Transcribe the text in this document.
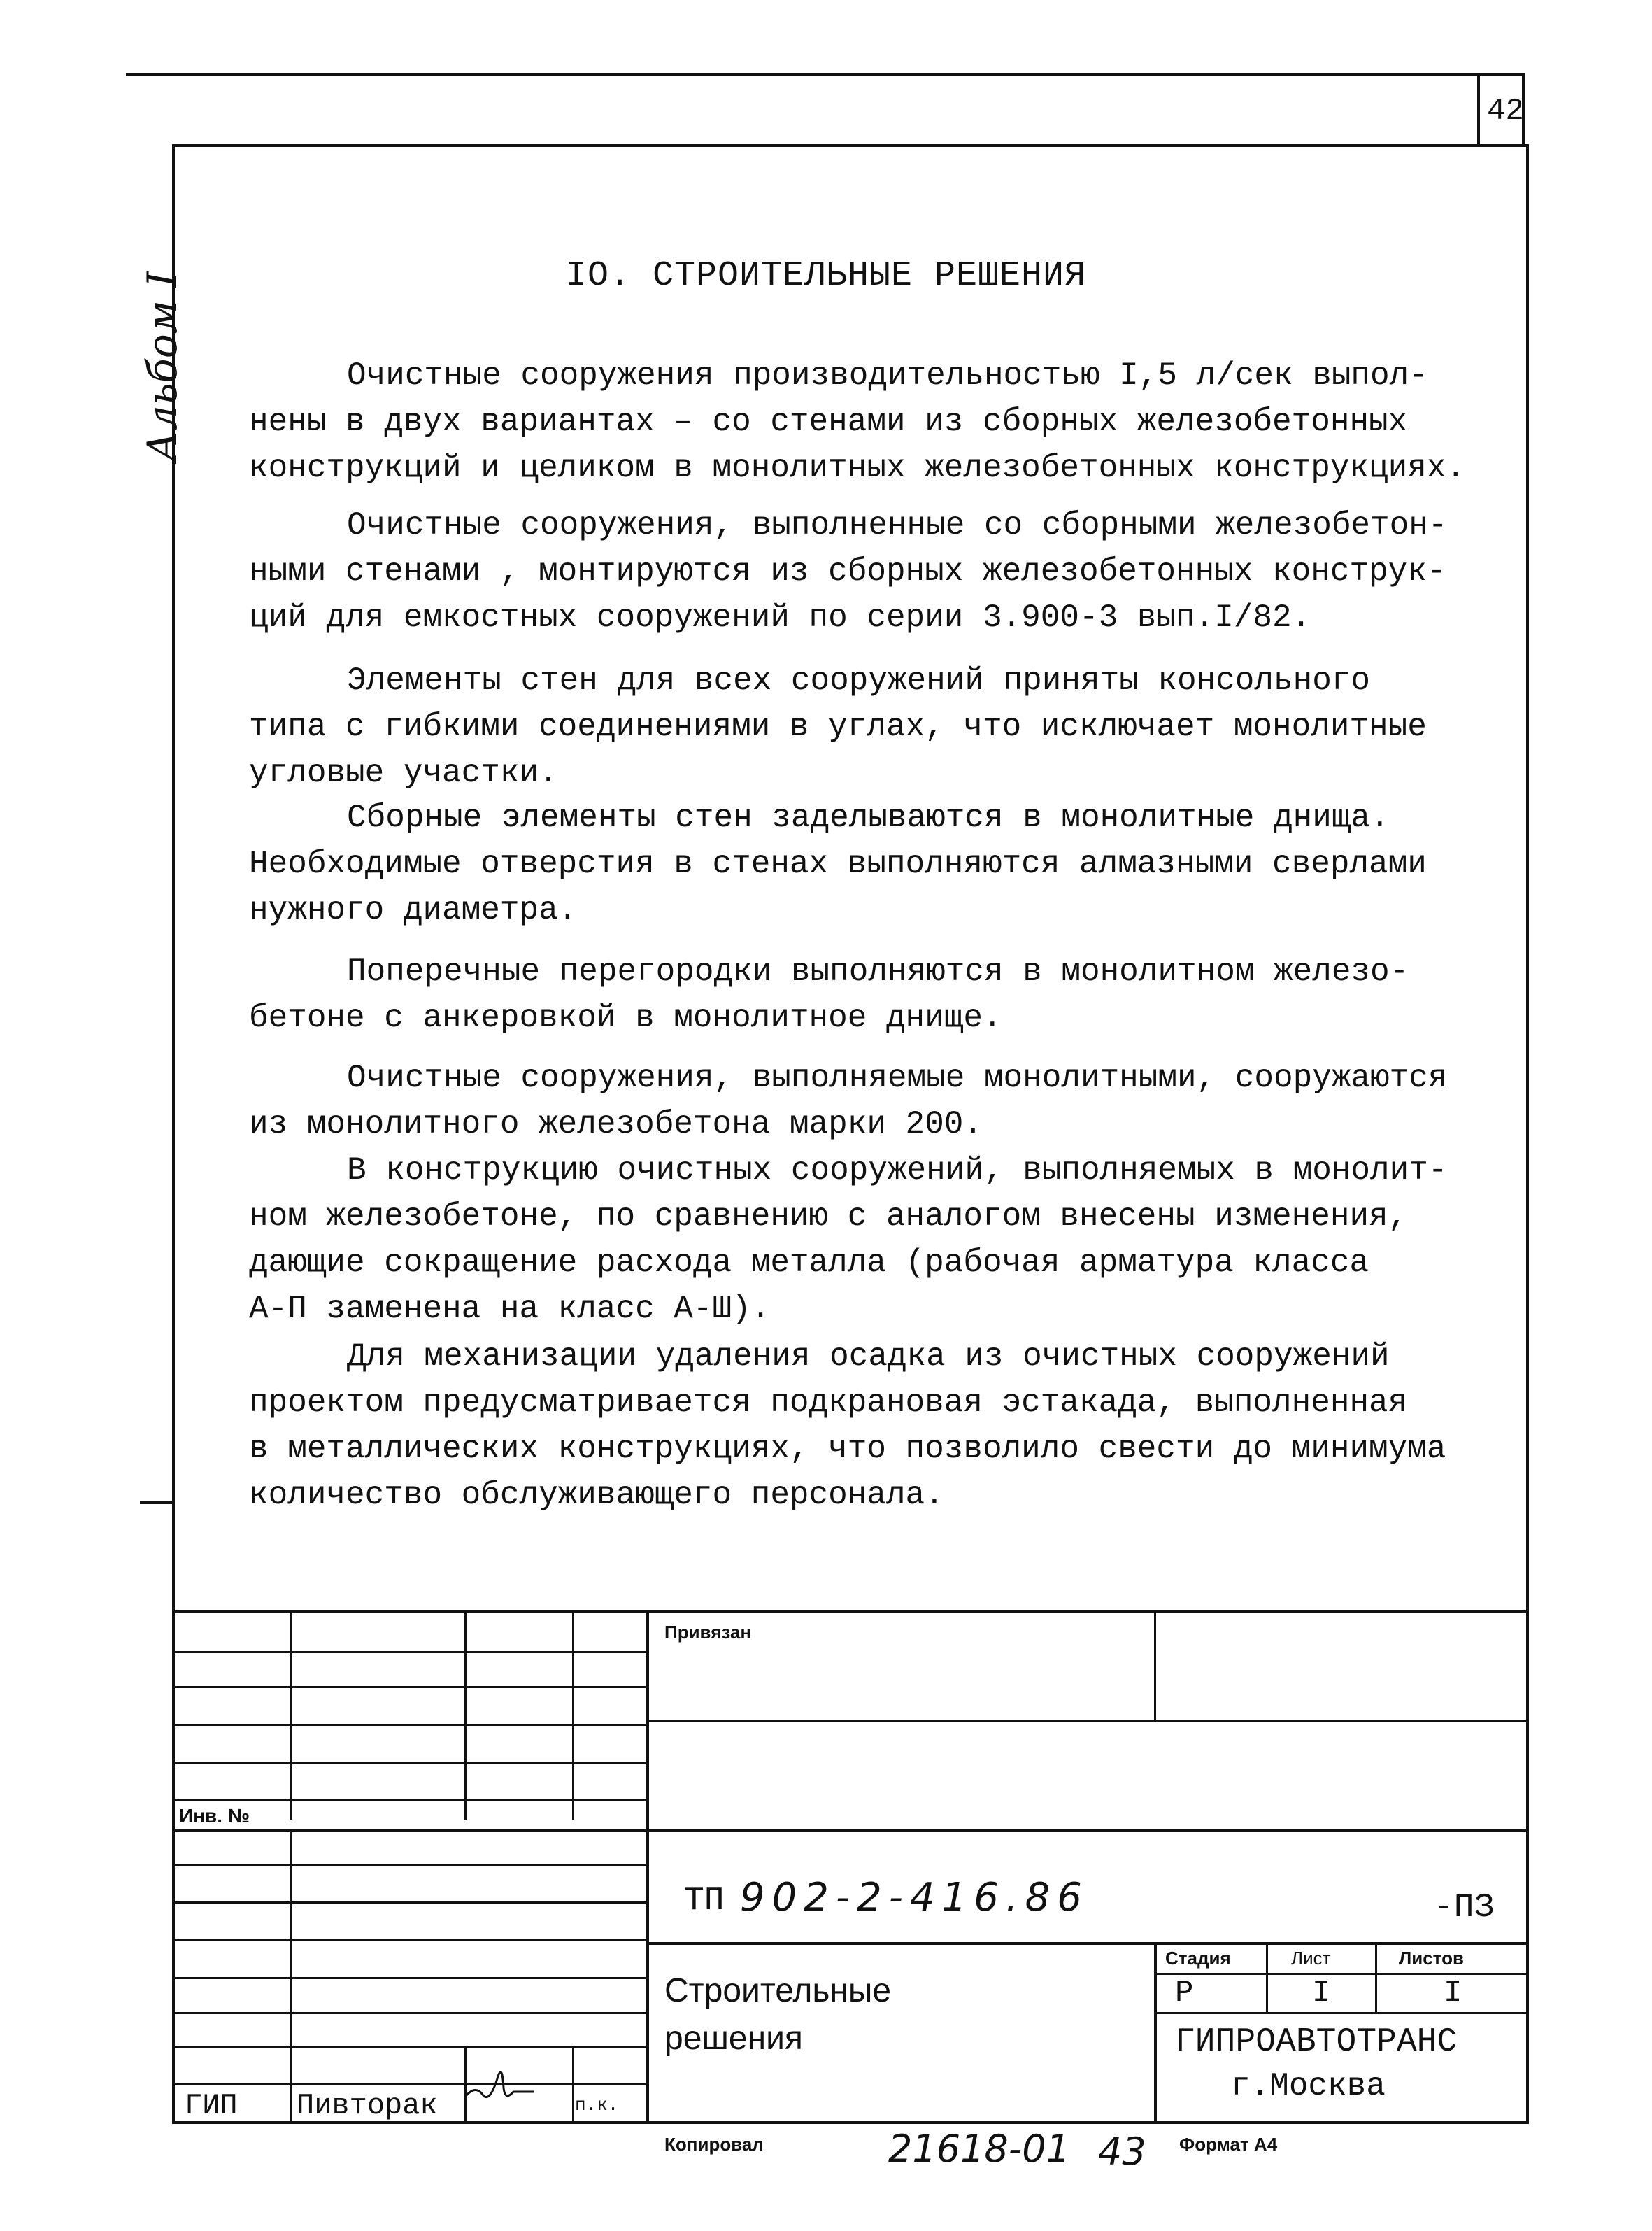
42
Альбом I	IO. СТРОИТЕЛЬНЫЕ РЕШЕНИЯ

Очистные сооружения производительностью I,5 л/сек выпол-

нены в двух вариантах – со стенами из сборных железобетонных

конструкций и целиком в монолитных железобетонных конструкциях.

Очистные сооружения, выполненные со сборными железобетон-

ными стенами , монтируются из сборных железобетонных конструк-

ций для емкостных сооружений по серии 3.900-3 вып.I/82.

Элементы стен для всех сооружений приняты консольного

типа с гибкими соединениями в углах, что исключает монолитные

угловые участки.

Сборные элементы стен заделываются в монолитные днища.

Необходимые отверстия в стенах выполняются алмазными сверлами

нужного диаметра.

Поперечные перегородки выполняются в монолитном железо-

бетоне с анкеровкой в монолитное днище.

Очистные сооружения, выполняемые монолитными, сооружаются

из монолитного железобетона марки 200.

В конструкцию очистных сооружений, выполняемых в монолит-

ном железобетоне, по сравнению с аналогом внесены изменения,

дающие сокращение расхода металла (рабочая арматура класса

А-П заменена на класс А-Ш).

Для механизации удаления осадка из очистных сооружений

проектом предусматривается подкрановая эстакада, выполненная

в металлических конструкциях, что позволило свести до минимума

количество обслуживающего персонала.

Привязан
Инв. №
ТП 902-2-416.86	-ПЗ
Строительные
решения
Стадия	Лист	Листов
Р	I	I
ГИПРОАВТОТРАНС
г.Москва
ГИП Пивторак	п.к.
Копировал	21618-01 43 Формат А4
